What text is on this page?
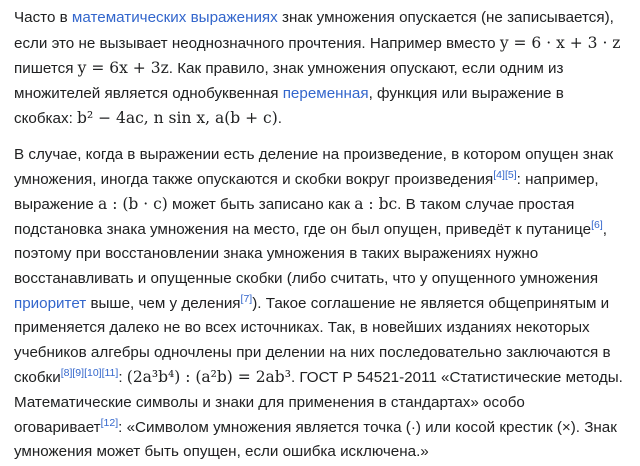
Часто в математических выражениях знак умножения опускается (не записывается), если это не вызывает неоднозначного прочтения. Например вместо y = 6 · x + 3 · z пишется y = 6x + 3z. Как правило, знак умножения опускают, если одним из множителей является однобуквенная переменная, функция или выражение в скобках: b² − 4ac, n sin x, a(b + c).

В случае, когда в выражении есть деление на произведение, в котором опущен знак умножения, иногда также опускаются и скобки вокруг произведения[4][5]: например, выражение a : (b · c) может быть записано как a : bc. В таком случае простая подстановка знака умножения на место, где он был опущен, приведёт к путанице[6], поэтому при восстановлении знака умножения в таких выражениях нужно восстанавливать и опущенные скобки (либо считать, что у опущенного умножения приоритет выше, чем у деления[7]). Такое соглашение не является общепринятым и применяется далеко не во всех источниках. Так, в новейших изданиях некоторых учебников алгебры одночлены при делении на них последовательно заключаются в скобки[8][9][10][11]: (2a³b⁴) : (a²b) = 2ab³. ГОСТ Р 54521-2011 «Статистические методы. Математические символы и знаки для применения в стандартах» особо оговаривает[12]: «Символом умножения является точка (·) или косой крестик (×). Знак умножения может быть опущен, если ошибка исключена.»
